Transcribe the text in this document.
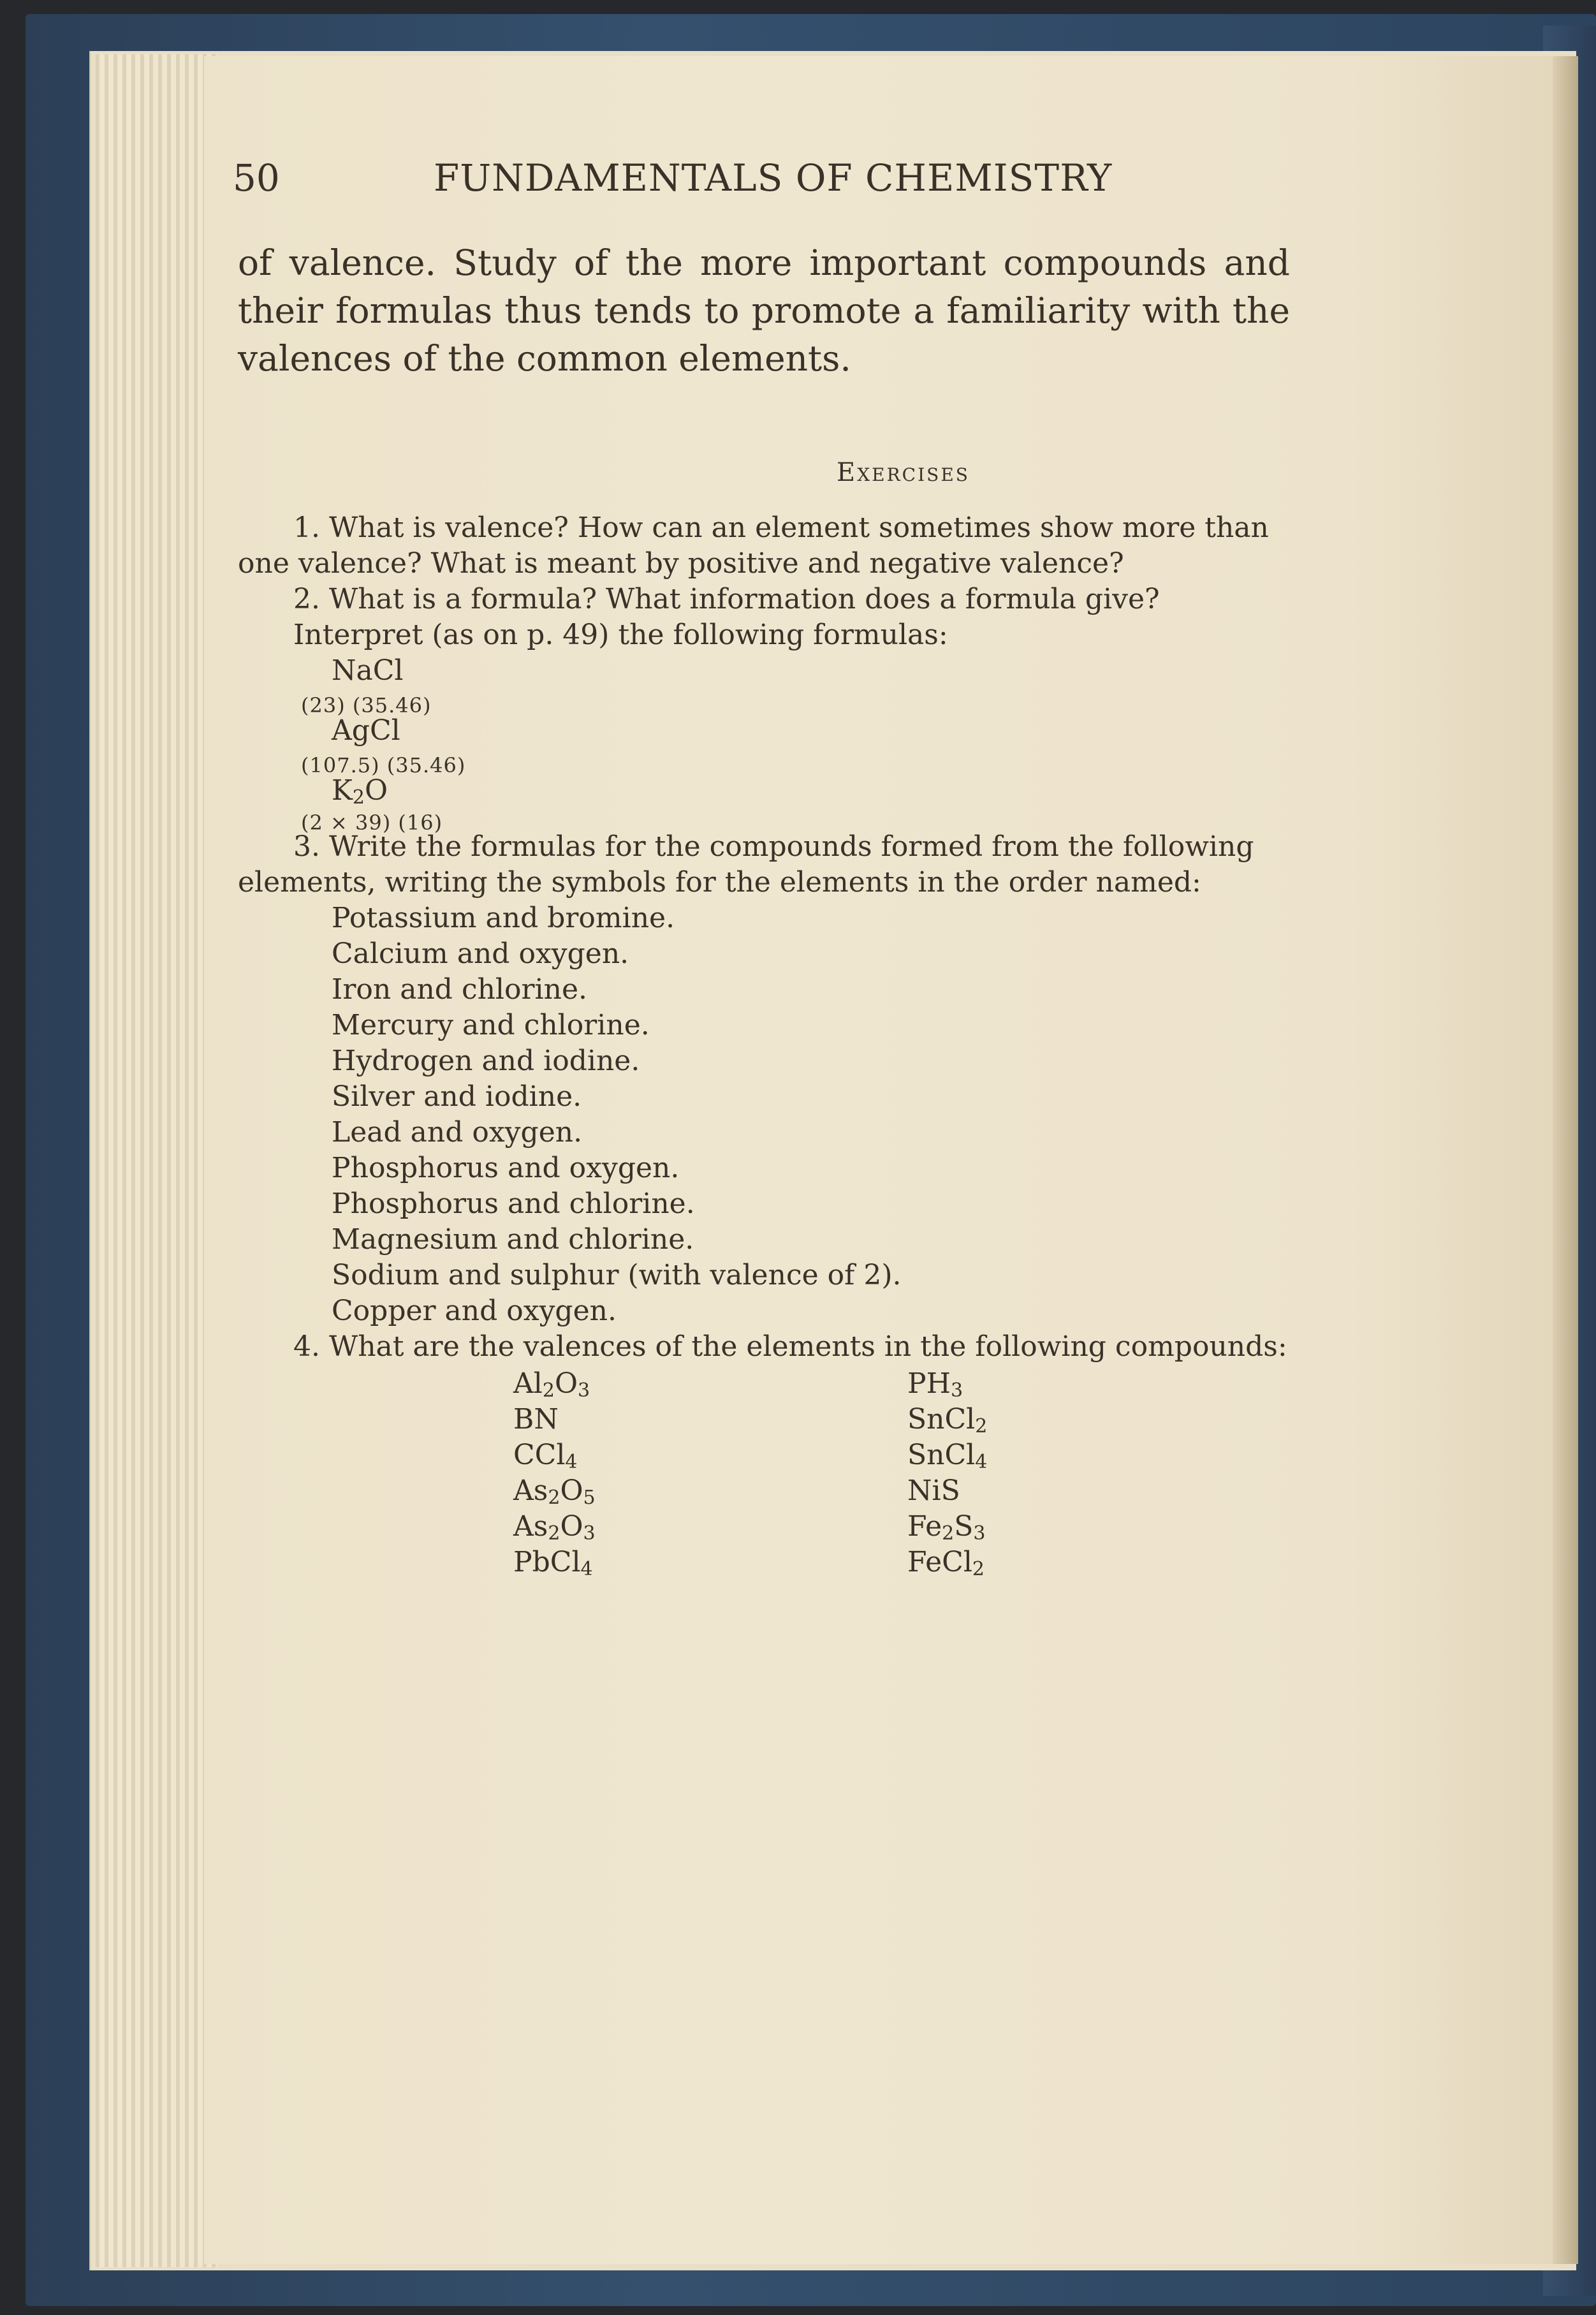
50	FUNDAMENTALS OF CHEMISTRY
of valence. Study of the more important compounds and their formulas thus tends to promote a familiarity with the valences of the common elements.
Exercises
1. What is valence? How can an element sometimes show more than
one valence? What is meant by positive and negative valence?
2. What is a formula? What information does a formula give?
Interpret (as on p. 49) the following formulas:
NaCl
(23) (35.46)
AgCl
(107.5) (35.46)
$K_2O$
(2 × 39) (16)
3. Write the formulas for the compounds formed from the following
elements, writing the symbols for the elements in the order named:
Potassium and bromine.
Calcium and oxygen.
Iron and chlorine.
Mercury and chlorine.
Hydrogen and iodine.
Silver and iodine.
Lead and oxygen.
Phosphorus and oxygen.
Phosphorus and chlorine.
Magnesium and chlorine.
Sodium and sulphur (with valence of 2).
Copper and oxygen.
4. What are the valences of the elements in the following compounds:
$Al_2O_3$
BN
CCl$_4$
$As_2O_5$
$As_2O_3$
PbCl$_4$
$PH_3$
SnCl$_2$
SnCl$_4$
NiS
$Fe_2S_3$
FeCl$_2$
